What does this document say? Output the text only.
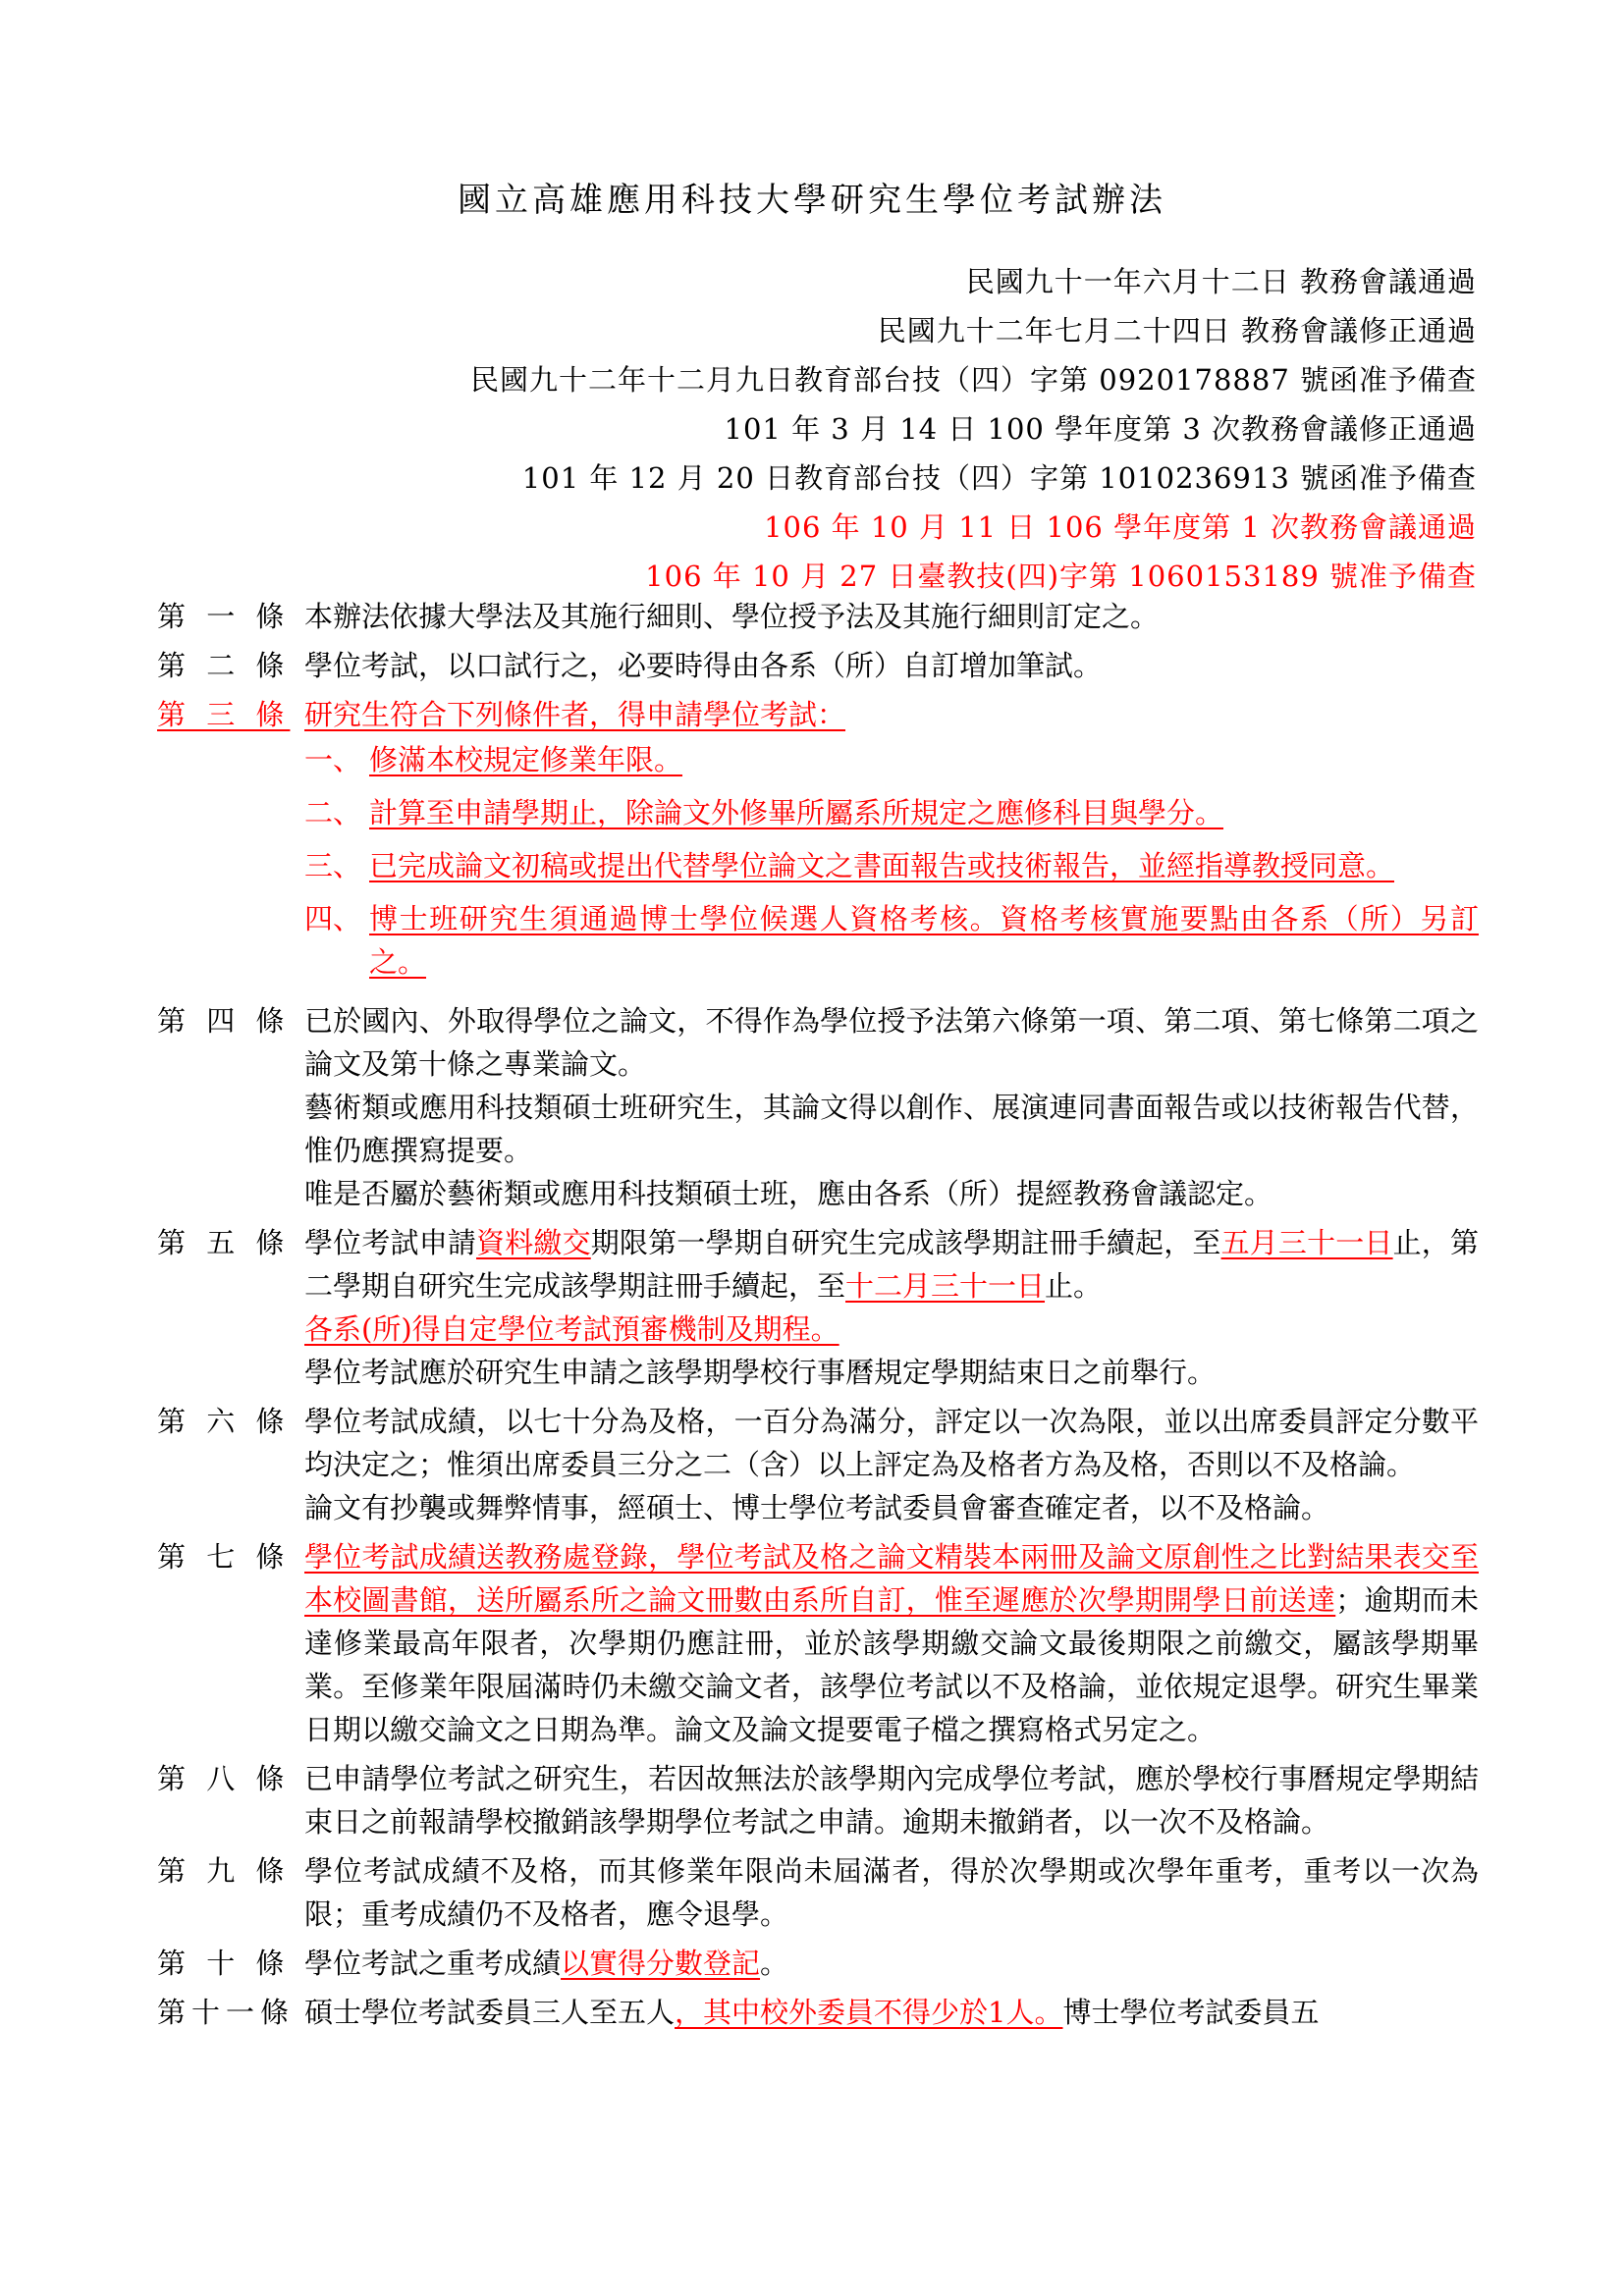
國立高雄應用科技大學研究生學位考試辦法
民國九十一年六月十二日 教務會議通過
民國九十二年七月二十四日 教務會議修正通過
民國九十二年十二月九日教育部台技（四）字第 0920178887 號函准予備查
101 年 3 月 14 日 100 學年度第 3 次教務會議修正通過
101 年 12 月 20 日教育部台技（四）字第 1010236913 號函准予備查
106 年 10 月 11 日 106 學年度第 1 次教務會議通過
106 年 10 月 27 日臺教技(四)字第 1060153189 號准予備查
第 一 條 本辦法依據大學法及其施行細則、學位授予法及其施行細則訂定之。

第 二 條 學位考試，以口試行之，必要時得由各系（所）自訂增加筆試。

第 三 條 研究生符合下列條件者，得申請學位考試：

一、 修滿本校規定修業年限。
二、 計算至申請學期止，除論文外修畢所屬系所規定之應修科目與學分。
三、 已完成論文初稿或提出代替學位論文之書面報告或技術報告，並經指導教授同意。
四、 博士班研究生須通過博士學位候選人資格考核。資格考核實施要點由各系（所）另訂之。
第 四 條 已於國內、外取得學位之論文，不得作為學位授予法第六條第一項、第二項、第七條第二項之論文及第十條之專業論文。

藝術類或應用科技類碩士班研究生，其論文得以創作、展演連同書面報告或以技術報告代替，惟仍應撰寫提要。

唯是否屬於藝術類或應用科技類碩士班，應由各系（所）提經教務會議認定。

第 五 條 學位考試申請資料繳交期限第一學期自研究生完成該學期註冊手續起，至五月三十一日止，第二學期自研究生完成該學期註冊手續起，至十二月三十一日止。

各系(所)得自定學位考試預審機制及期程。

學位考試應於研究生申請之該學期學校行事曆規定學期結束日之前舉行。

第 六 條 學位考試成績，以七十分為及格，一百分為滿分，評定以一次為限，並以出席委員評定分數平均決定之；惟須出席委員三分之二（含）以上評定為及格者方為及格，否則以不及格論。

論文有抄襲或舞弊情事，經碩士、博士學位考試委員會審查確定者，以不及格論。

第 七 條 學位考試成績送教務處登錄，學位考試及格之論文精裝本兩冊及論文原創性之比對結果表交至本校圖書館，送所屬系所之論文冊數由系所自訂，惟至遲應於次學期開學日前送達；逾期而未達修業最高年限者，次學期仍應註冊，並於該學期繳交論文最後期限之前繳交，屬該學期畢業。至修業年限屆滿時仍未繳交論文者，該學位考試以不及格論，並依規定退學。研究生畢業日期以繳交論文之日期為準。論文及論文提要電子檔之撰寫格式另定之。

第 八 條 已申請學位考試之研究生，若因故無法於該學期內完成學位考試，應於學校行事曆規定學期結束日之前報請學校撤銷該學期學位考試之申請。逾期未撤銷者，以一次不及格論。

第 九 條 學位考試成績不及格，而其修業年限尚未屆滿者，得於次學期或次學年重考，重考以一次為限；重考成績仍不及格者，應令退學。

第 十 條 學位考試之重考成績以實得分數登記。

第十一條 碩士學位考試委員三人至五人，其中校外委員不得少於1人。博士學位考試委員五
